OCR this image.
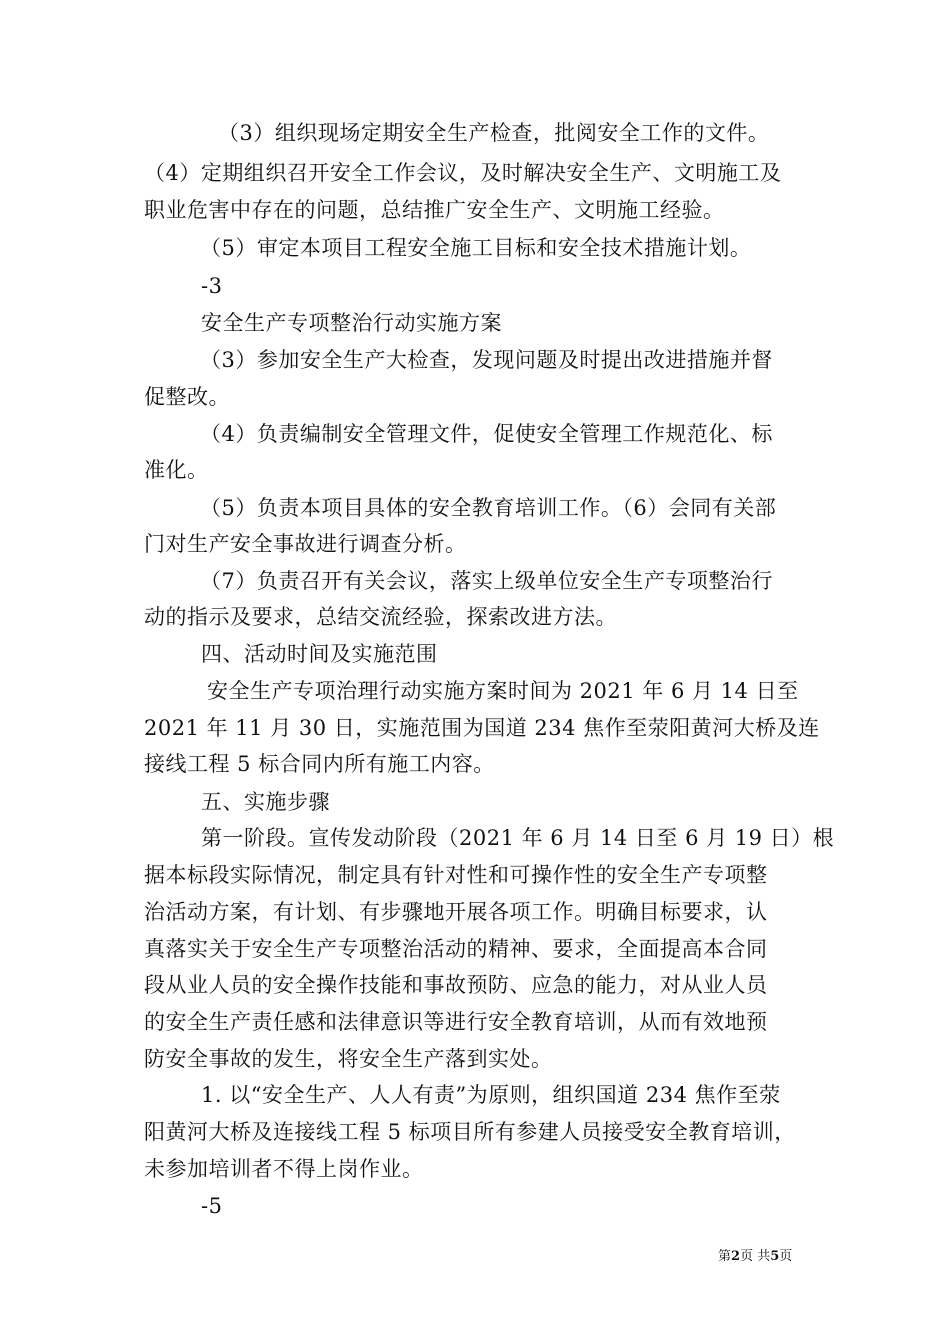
（3）组织现场定期安全生产检查，批阅安全工作的文件。
（4）定期组织召开安全工作会议，及时解决安全生产、文明施工及
职业危害中存在的问题，总结推广安全生产、文明施工经验。
（5）审定本项目工程安全施工目标和安全技术措施计划。
-3
安全生产专项整治行动实施方案
（3）参加安全生产大检查，发现问题及时提出改进措施并督
促整改。
（4）负责编制安全管理文件，促使安全管理工作规范化、标
准化。
（5）负责本项目具体的安全教育培训工作。（6）会同有关部
门对生产安全事故进行调查分析。
（7）负责召开有关会议，落实上级单位安全生产专项整治行
动的指示及要求，总结交流经验，探索改进方法。
四、活动时间及实施范围
安全生产专项治理行动实施方案时间为 2021 年 6 月 14 日至
2021 年 11 月 30 日，实施范围为国道 234 焦作至荥阳黄河大桥及连
接线工程 5 标合同内所有施工内容。
五、实施步骤
第一阶段。宣传发动阶段（2021 年 6 月 14 日至 6 月 19 日）根
据本标段实际情况，制定具有针对性和可操作性的安全生产专项整
治活动方案，有计划、有步骤地开展各项工作。明确目标要求，认
真落实关于安全生产专项整治活动的精神、要求，全面提高本合同
段从业人员的安全操作技能和事故预防、应急的能力，对从业人员
的安全生产责任感和法律意识等进行安全教育培训，从而有效地预
防安全事故的发生，将安全生产落到实处。
1. 以“安全生产、人人有责”为原则，组织国道 234 焦作至荥
阳黄河大桥及连接线工程 5 标项目所有参建人员接受安全教育培训，
未参加培训者不得上岗作业。
-5
第2页 共5页
